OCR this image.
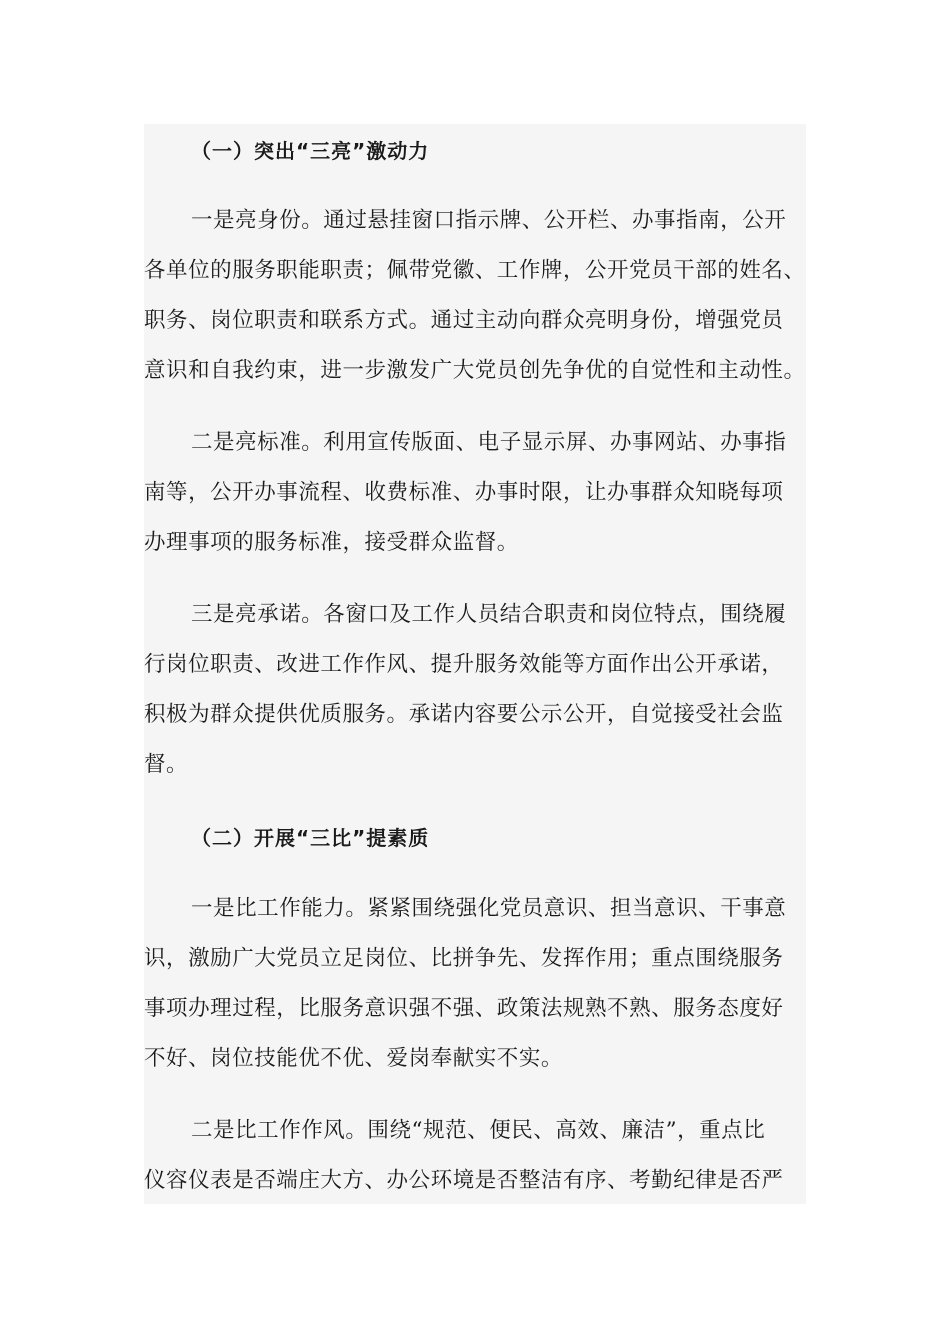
（一）突出“三亮”激动力
一是亮身份。通过悬挂窗口指示牌、公开栏、办事指南，公开
各单位的服务职能职责；佩带党徽、工作牌，公开党员干部的姓名、
职务、岗位职责和联系方式。通过主动向群众亮明身份，增强党员
意识和自我约束，进一步激发广大党员创先争优的自觉性和主动性。
二是亮标准。利用宣传版面、电子显示屏、办事网站、办事指
南等，公开办事流程、收费标准、办事时限，让办事群众知晓每项
办理事项的服务标准，接受群众监督。
三是亮承诺。各窗口及工作人员结合职责和岗位特点，围绕履
行岗位职责、改进工作作风、提升服务效能等方面作出公开承诺，
积极为群众提供优质服务。承诺内容要公示公开，自觉接受社会监
督。
（二）开展“三比”提素质
一是比工作能力。紧紧围绕强化党员意识、担当意识、干事意
识，激励广大党员立足岗位、比拼争先、发挥作用；重点围绕服务
事项办理过程，比服务意识强不强、政策法规熟不熟、服务态度好
不好、岗位技能优不优、爱岗奉献实不实。
二是比工作作风。围绕“规范、便民、高效、廉洁”，重点比
仪容仪表是否端庄大方、办公环境是否整洁有序、考勤纪律是否严
